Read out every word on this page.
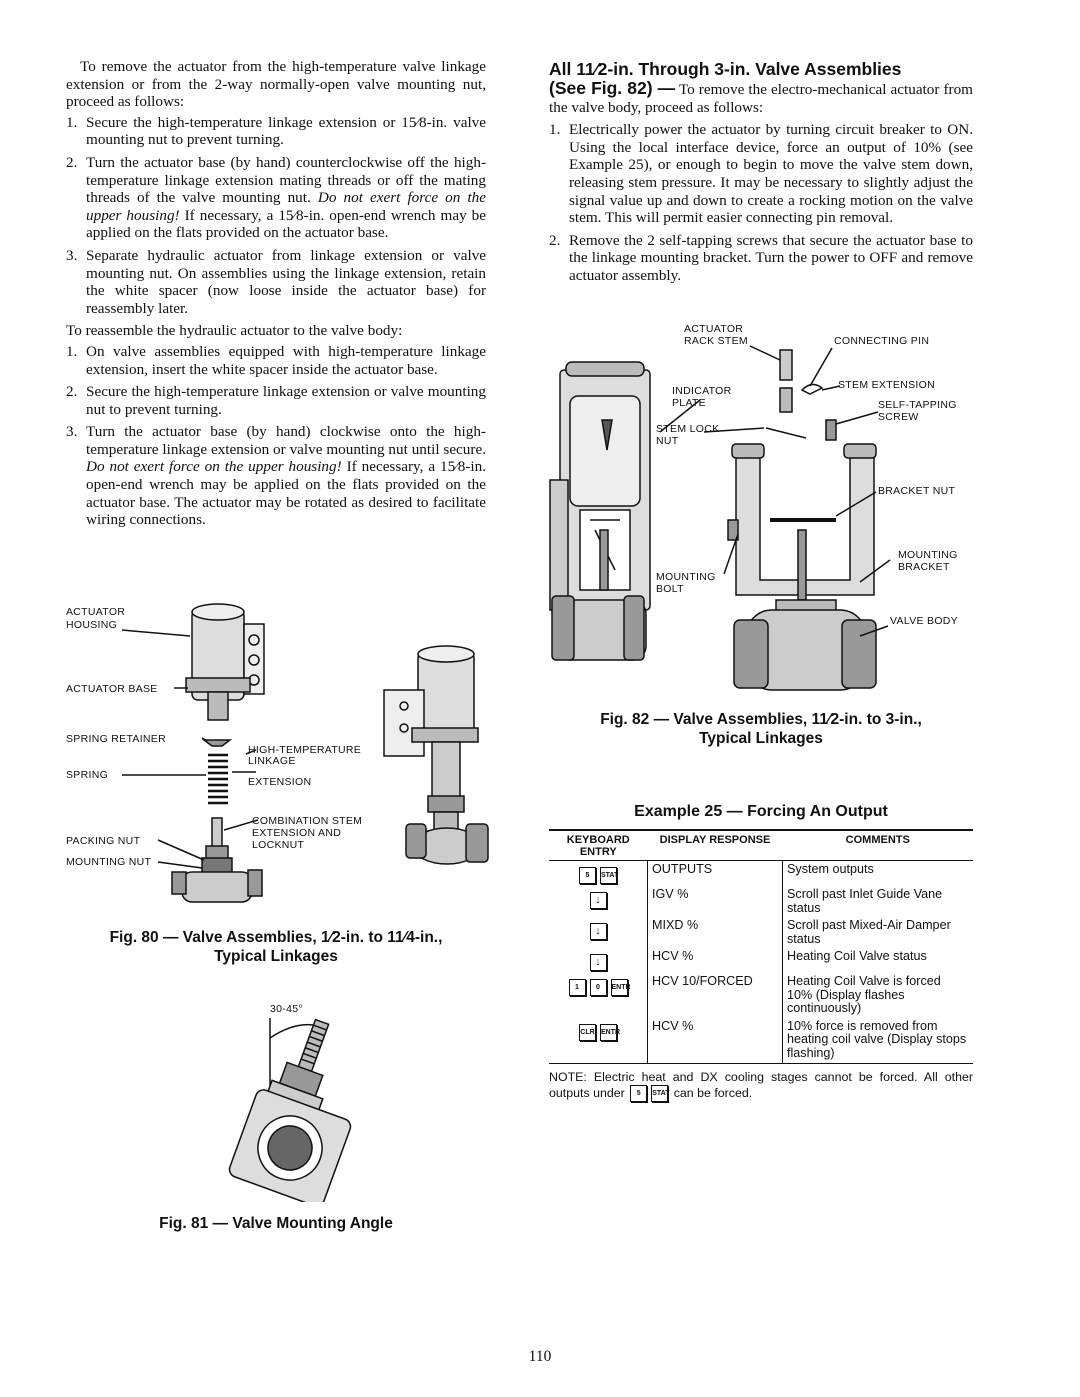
To remove the actuator from the high-temperature valve linkage extension or from the 2-way normally-open valve mounting nut, proceed as follows:

1. Secure the high-temperature linkage extension or 15⁄8-in. valve mounting nut to prevent turning.
2. Turn the actuator base (by hand) counterclockwise off the high-temperature linkage extension mating threads or off the mating threads of the valve mounting nut. Do not exert force on the upper housing! If necessary, a 15⁄8-in. open-end wrench may be applied on the flats provided on the actuator base.
3. Separate hydraulic actuator from linkage extension or valve mounting nut. On assemblies using the linkage extension, retain the white spacer (now loose inside the actuator base) for reassembly later.

To reassemble the hydraulic actuator to the valve body:

1. On valve assemblies equipped with high-temperature linkage extension, insert the white spacer inside the actuator base.
2. Secure the high-temperature linkage extension or valve mounting nut to prevent turning.
3. Turn the actuator base (by hand) clockwise onto the high-temperature linkage extension or valve mounting nut until secure. Do not exert force on the upper housing! If necessary, a 15⁄8-in. open-end wrench may be applied on the flats provided on the actuator base. The actuator may be rotated as desired to facilitate wiring connections.
ACTUATOR
HOUSING
ACTUATOR BASE
SPRING RETAINER
SPRING
HIGH-TEMPERATURE
LINKAGE
EXTENSION
COMBINATION STEM
EXTENSION AND
LOCKNUT
PACKING NUT
MOUNTING NUT
Fig. 80 — Valve Assemblies, 1⁄2-in. to 11⁄4-in.,
Typical Linkages
30-45°
Fig. 81 — Valve Mounting Angle
All 11⁄2-in. Through 3-in. Valve Assemblies

(See Fig. 82) — To remove the electro-mechanical actuator from the valve body, proceed as follows:

1. Electrically power the actuator by turning circuit breaker to ON. Using the local interface device, force an output of 10% (see Example 25), or enough to begin to move the valve stem down, releasing stem pressure. It may be necessary to slightly adjust the signal value up and down to create a rocking motion on the valve stem. This will permit easier connecting pin removal.
2. Remove the 2 self-tapping screws that secure the actuator base to the linkage mounting bracket. Turn the power to OFF and remove actuator assembly.
ACTUATOR
RACK STEM	CONNECTING PIN
INDICATOR
PLATE
STEM EXTENSION
SELF-TAPPING
SCREW
STEM LOCK
NUT
BRACKET NUT
MOUNTING
BRACKET
MOUNTING
BOLT
VALVE BODY
Fig. 82 — Valve Assemblies, 11⁄2-in. to 3-in.,
Typical Linkages
Example 25 — Forcing An Output
KEYBOARD ENTRY	DISPLAY RESPONSE	COMMENTS
5 STAT	OUTPUTS	System outputs
↓	IGV %	Scroll past Inlet Guide Vane status
↓	MIXD %	Scroll past Mixed-Air Damper status
↓	HCV %	Heating Coil Valve status
1 0 ENTR	HCV 10/FORCED	Heating Coil Valve is forced 10% (Display flashes continuously)
CLR ENTR	HCV %	10% force is removed from heating coil valve (Display stops flashing)
NOTE: Electric heat and DX cooling stages cannot be forced. All other outputs under 5 STAT can be forced.
110
